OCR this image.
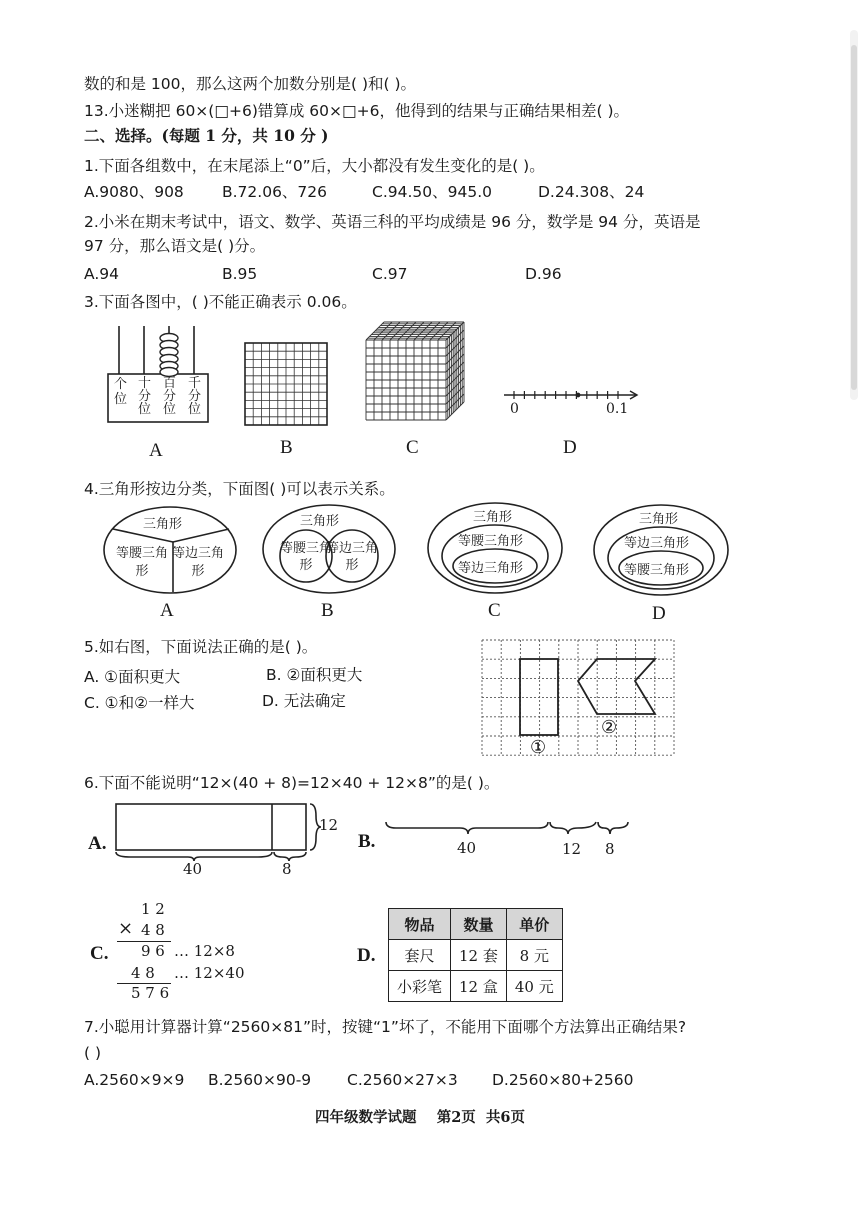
数的和是 100，那么这两个加数分别是( )和( )。
13.小迷糊把 60×(□+6)错算成 60×□+6，他得到的结果与正确结果相差( )。
二、选择。(每题 1 分，共 10 分 )
1.下面各组数中，在末尾添上“0”后，大小都没有发生变化的是( )。
A.9080、908 B.72.06、726	C.94.50、945.0	D.24.308、24
2.小米在期末考试中，语文、数学、英语三科的平均成绩是 96 分，数学是 94 分，英语是
97 分，那么语文是( )分。
A.94	B.95	C.97	D.96
3.下面各图中，( )不能正确表示 0.06。
个位
十分位
百分位
千分位	0	0.1
A	B	C	D
4.三角形按边分类，下面图( )可以表示关系。
三角形
等腰三角形
等边三角形
A
三角形
等腰三角形
等边三角形
B
三角形
等腰三角形
等边三角形
C
三角形
等边三角形
等腰三角形
D
5.如右图，下面说法正确的是( )。
A. ①面积更大	B. ②面积更大
C. ①和②一样大	D. 无法确定
①
②
6.下面不能说明“12×(40 + 8)=12×40 + 12×8”的是( )。
A.
40	8
12
B.	40	12 8
C.
1 2
× 4 8
9 6 … 12×8
4 8 … 12×40
5 7 6
D.
物品	数量	单价
套尺	12 套	8 元
小彩笔	12 盒	40 元
7.小聪用计算器计算“2560×81”时，按键“1”坏了，不能用下面哪个方法算出正确结果?
( )
A.2560×9×9 B.2560×90-9 C.2560×27×3 D.2560×80+2560
四年级数学试题    第2页  共6页
